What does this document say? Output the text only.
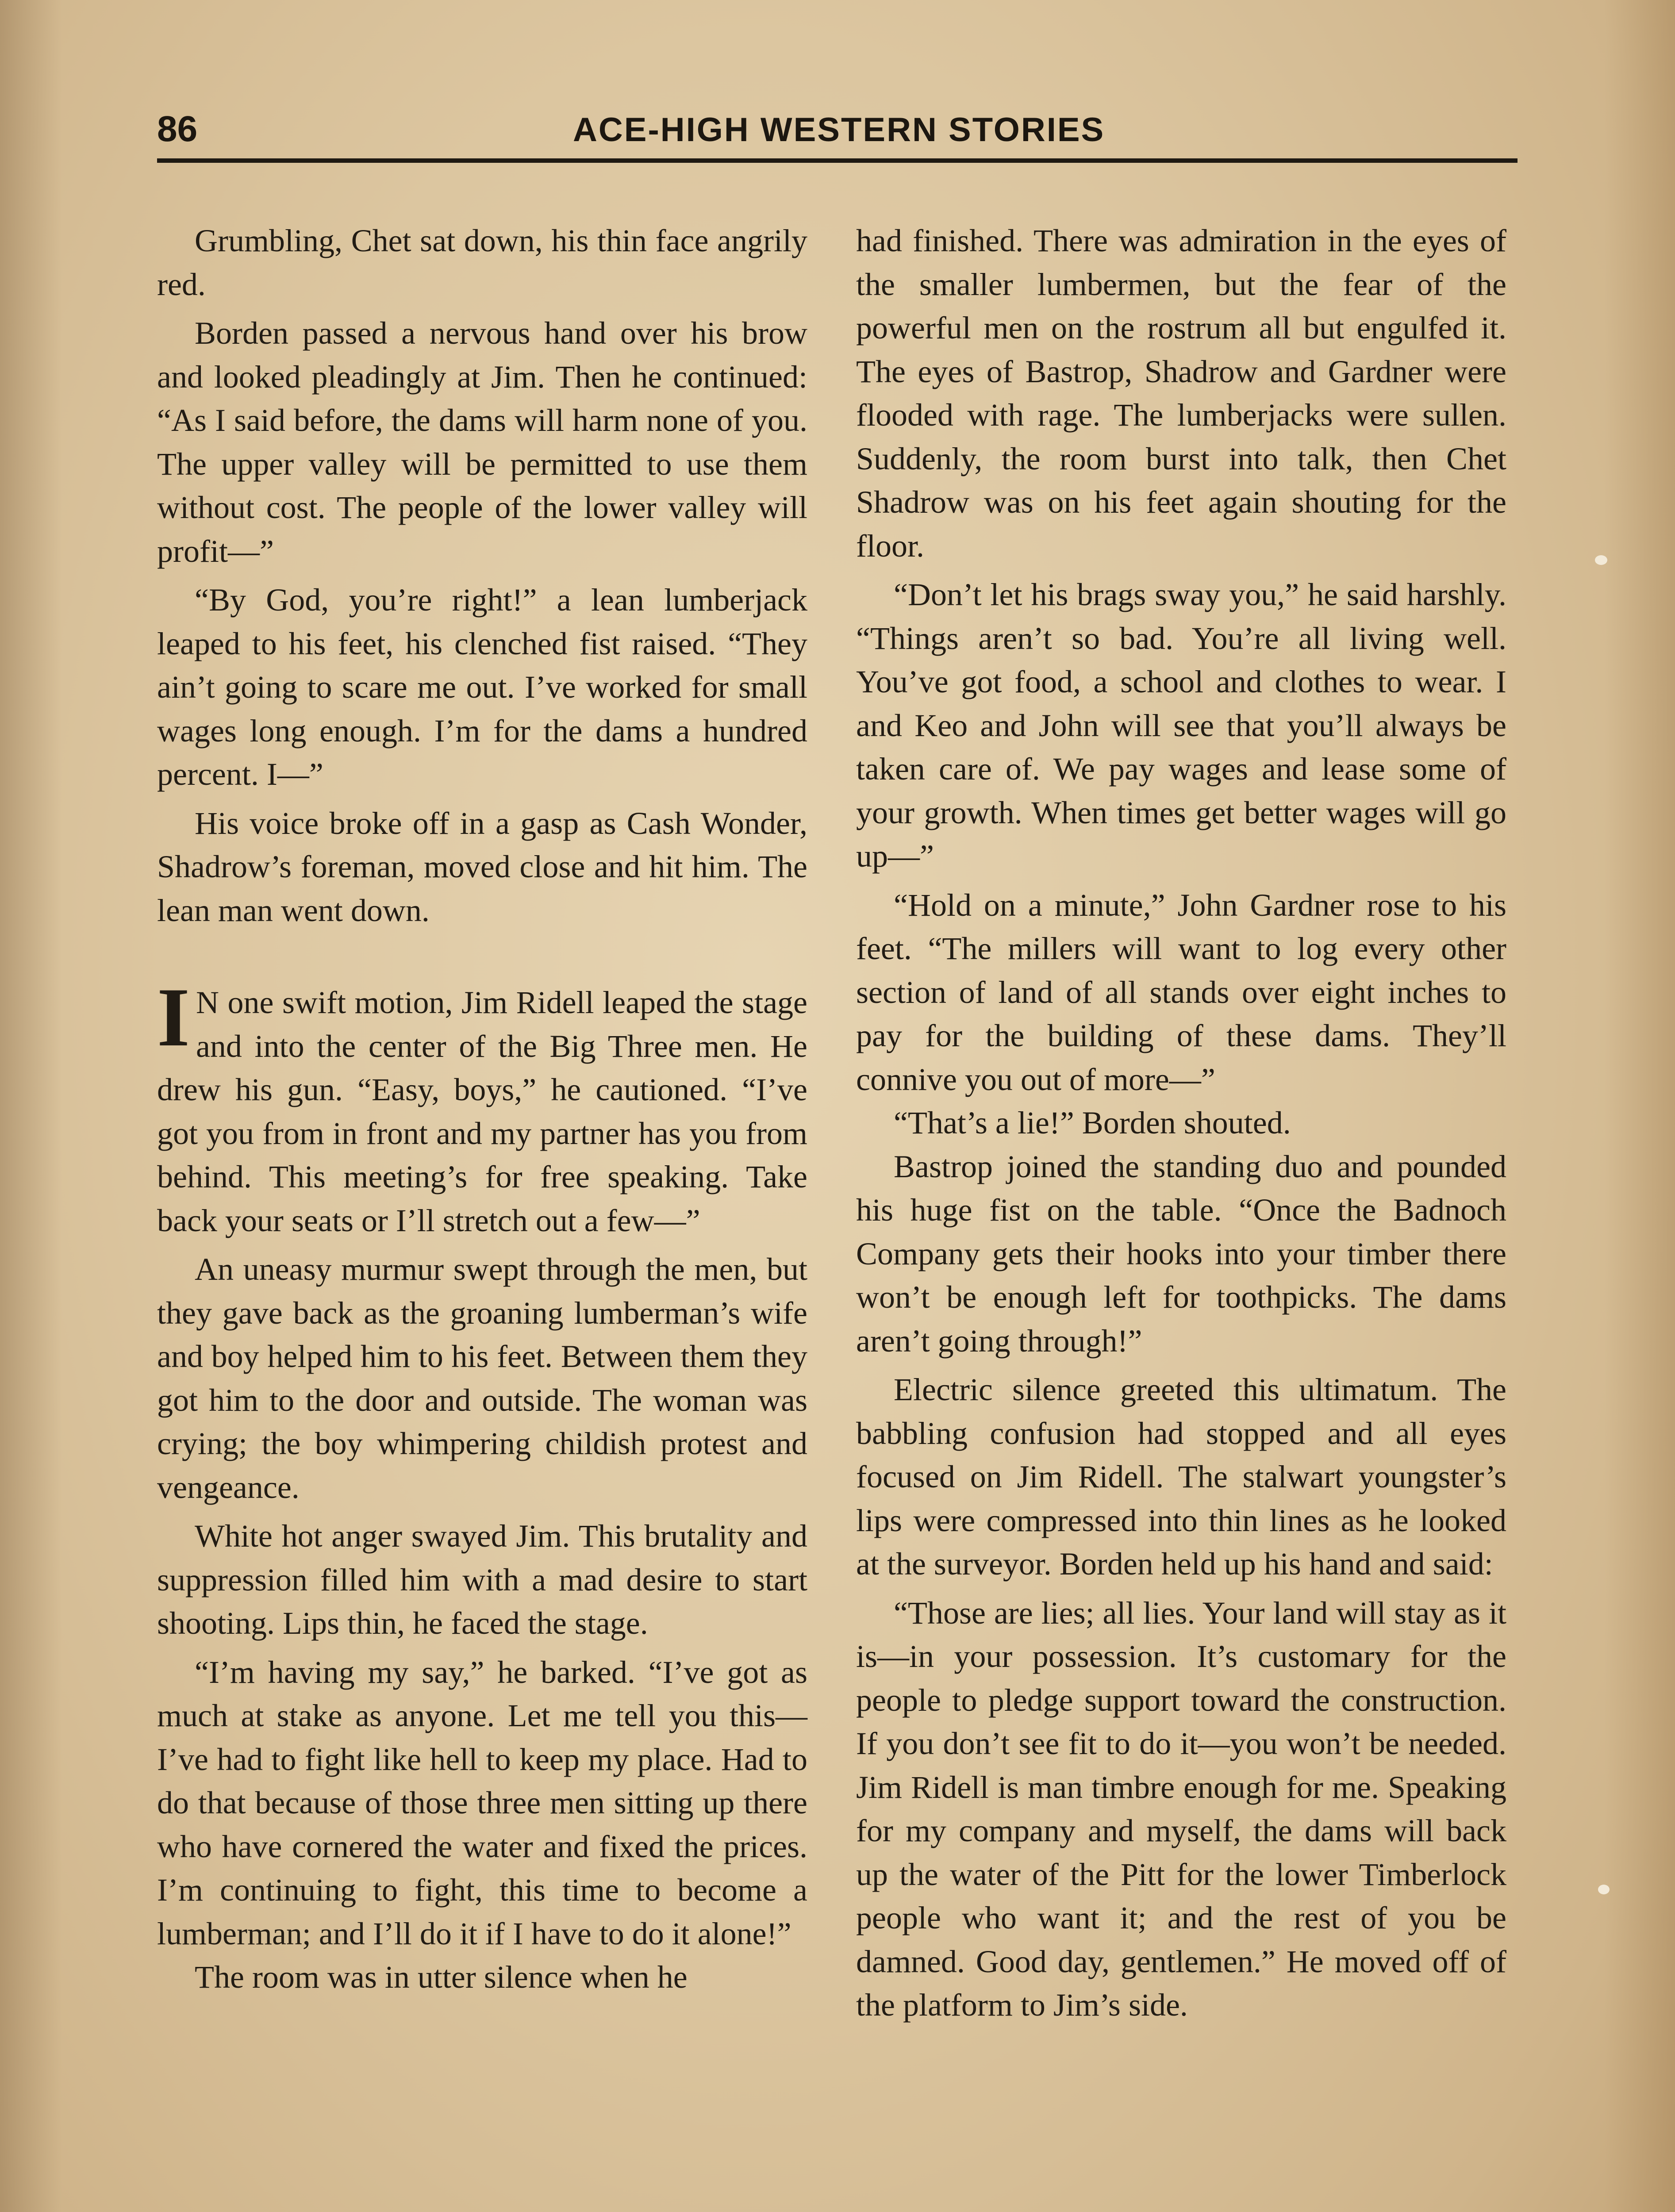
86	ACE-HIGH WESTERN STORIES

Grumbling, Chet sat down, his thin face angrily red.

Borden passed a nervous hand over his brow and looked pleadingly at Jim. Then he continued: “As I said before, the dams will harm none of you. The upper valley will be permitted to use them without cost. The people of the lower valley will profit—”

“By God, you’re right!” a lean lumberjack leaped to his feet, his clenched fist raised. “They ain’t going to scare me out. I’ve worked for small wages long enough. I’m for the dams a hundred percent. I—”

His voice broke off in a gasp as Cash Wonder, Shadrow’s foreman, moved close and hit him. The lean man went down.

I N one swift motion, Jim Ridell leaped the stage and into the center of the Big Three men. He drew his gun. “Easy, boys,” he cautioned. “I’ve got you from in front and my partner has you from behind. This meeting’s for free speaking. Take back your seats or I’ll stretch out a few—”

An uneasy murmur swept through the men, but they gave back as the groaning lumberman’s wife and boy helped him to his feet. Between them they got him to the door and outside. The woman was crying; the boy whimpering childish protest and vengeance.

White hot anger swayed Jim. This brutality and suppression filled him with a mad desire to start shooting. Lips thin, he faced the stage.

“I’m having my say,” he barked. “I’ve got as much at stake as anyone. Let me tell you this—I’ve had to fight like hell to keep my place. Had to do that because of those three men sitting up there who have cornered the water and fixed the prices. I’m continuing to fight, this time to become a lumberman; and I’ll do it if I have to do it alone!”

The room was in utter silence when he

had finished. There was admiration in the eyes of the smaller lumbermen, but the fear of the powerful men on the rostrum all but engulfed it. The eyes of Bastrop, Shadrow and Gardner were flooded with rage. The lumberjacks were sullen. Suddenly, the room burst into talk, then Chet Shadrow was on his feet again shouting for the floor.

“Don’t let his brags sway you,” he said harshly. “Things aren’t so bad. You’re all living well. You’ve got food, a school and clothes to wear. I and Keo and John will see that you’ll always be taken care of. We pay wages and lease some of your growth. When times get better wages will go up—”

“Hold on a minute,” John Gardner rose to his feet. “The millers will want to log every other section of land of all stands over eight inches to pay for the building of these dams. They’ll connive you out of more—”

“That’s a lie!” Borden shouted.

Bastrop joined the standing duo and pounded his huge fist on the table. “Once the Badnoch Company gets their hooks into your timber there won’t be enough left for toothpicks. The dams aren’t going through!”

Electric silence greeted this ultimatum. The babbling confusion had stopped and all eyes focused on Jim Ridell. The stalwart youngster’s lips were compressed into thin lines as he looked at the surveyor. Borden held up his hand and said:

“Those are lies; all lies. Your land will stay as it is—in your possession. It’s customary for the people to pledge support toward the construction. If you don’t see fit to do it—you won’t be needed. Jim Ridell is man timbre enough for me. Speaking for my company and myself, the dams will back up the water of the Pitt for the lower Timberlock people who want it; and the rest of you be damned. Good day, gentlemen.” He moved off of the platform to Jim’s side.
